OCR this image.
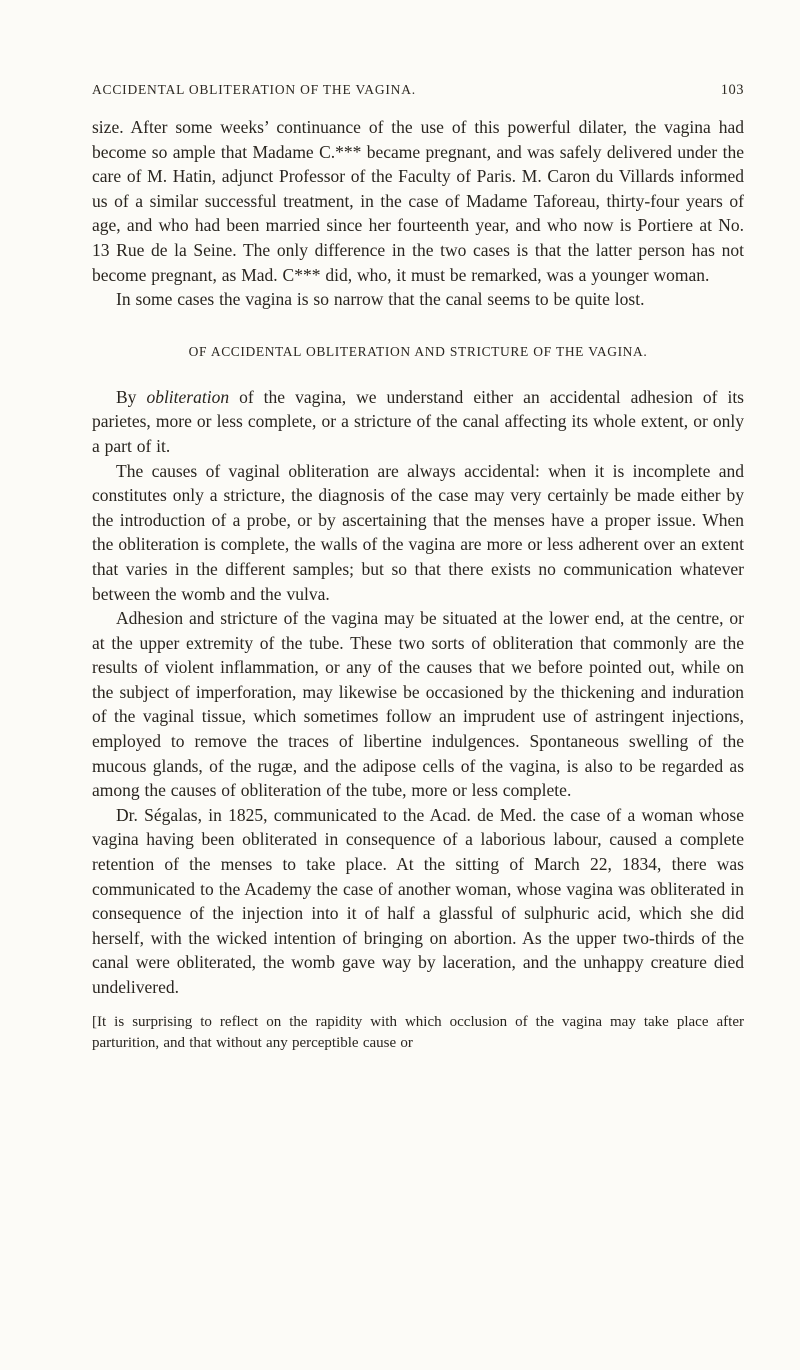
ACCIDENTAL OBLITERATION OF THE VAGINA.	103

size. After some weeks’ continuance of the use of this powerful dilater, the vagina had become so ample that Madame C.*** became pregnant, and was safely delivered under the care of M. Hatin, adjunct Professor of the Faculty of Paris. M. Caron du Villards informed us of a similar successful treatment, in the case of Madame Taforeau, thirty-four years of age, and who had been married since her fourteenth year, and who now is Portiere at No. 13 Rue de la Seine. The only difference in the two cases is that the latter person has not become pregnant, as Mad. C*** did, who, it must be remarked, was a younger woman.

In some cases the vagina is so narrow that the canal seems to be quite lost.

OF ACCIDENTAL OBLITERATION AND STRICTURE OF THE VAGINA.

By obliteration of the vagina, we understand either an accidental adhesion of its parietes, more or less complete, or a stricture of the canal affecting its whole extent, or only a part of it.

The causes of vaginal obliteration are always accidental: when it is incomplete and constitutes only a stricture, the diagnosis of the case may very certainly be made either by the introduction of a probe, or by ascertaining that the menses have a proper issue. When the obliteration is complete, the walls of the vagina are more or less adherent over an extent that varies in the different samples; but so that there exists no communication whatever between the womb and the vulva.

Adhesion and stricture of the vagina may be situated at the lower end, at the centre, or at the upper extremity of the tube. These two sorts of obliteration that commonly are the results of violent inflammation, or any of the causes that we before pointed out, while on the subject of imperforation, may likewise be occasioned by the thickening and induration of the vaginal tissue, which sometimes follow an imprudent use of astringent injections, employed to remove the traces of libertine indulgences. Spontaneous swelling of the mucous glands, of the rugæ, and the adipose cells of the vagina, is also to be regarded as among the causes of obliteration of the tube, more or less complete.

Dr. Ségalas, in 1825, communicated to the Acad. de Med. the case of a woman whose vagina having been obliterated in consequence of a laborious labour, caused a complete retention of the menses to take place. At the sitting of March 22, 1834, there was communicated to the Academy the case of another woman, whose vagina was obliterated in consequence of the injection into it of half a glassful of sulphuric acid, which she did herself, with the wicked intention of bringing on abortion. As the upper two-thirds of the canal were obliterated, the womb gave way by laceration, and the unhappy creature died undelivered.

[It is surprising to reflect on the rapidity with which occlusion of the vagina may take place after parturition, and that without any perceptible cause or
